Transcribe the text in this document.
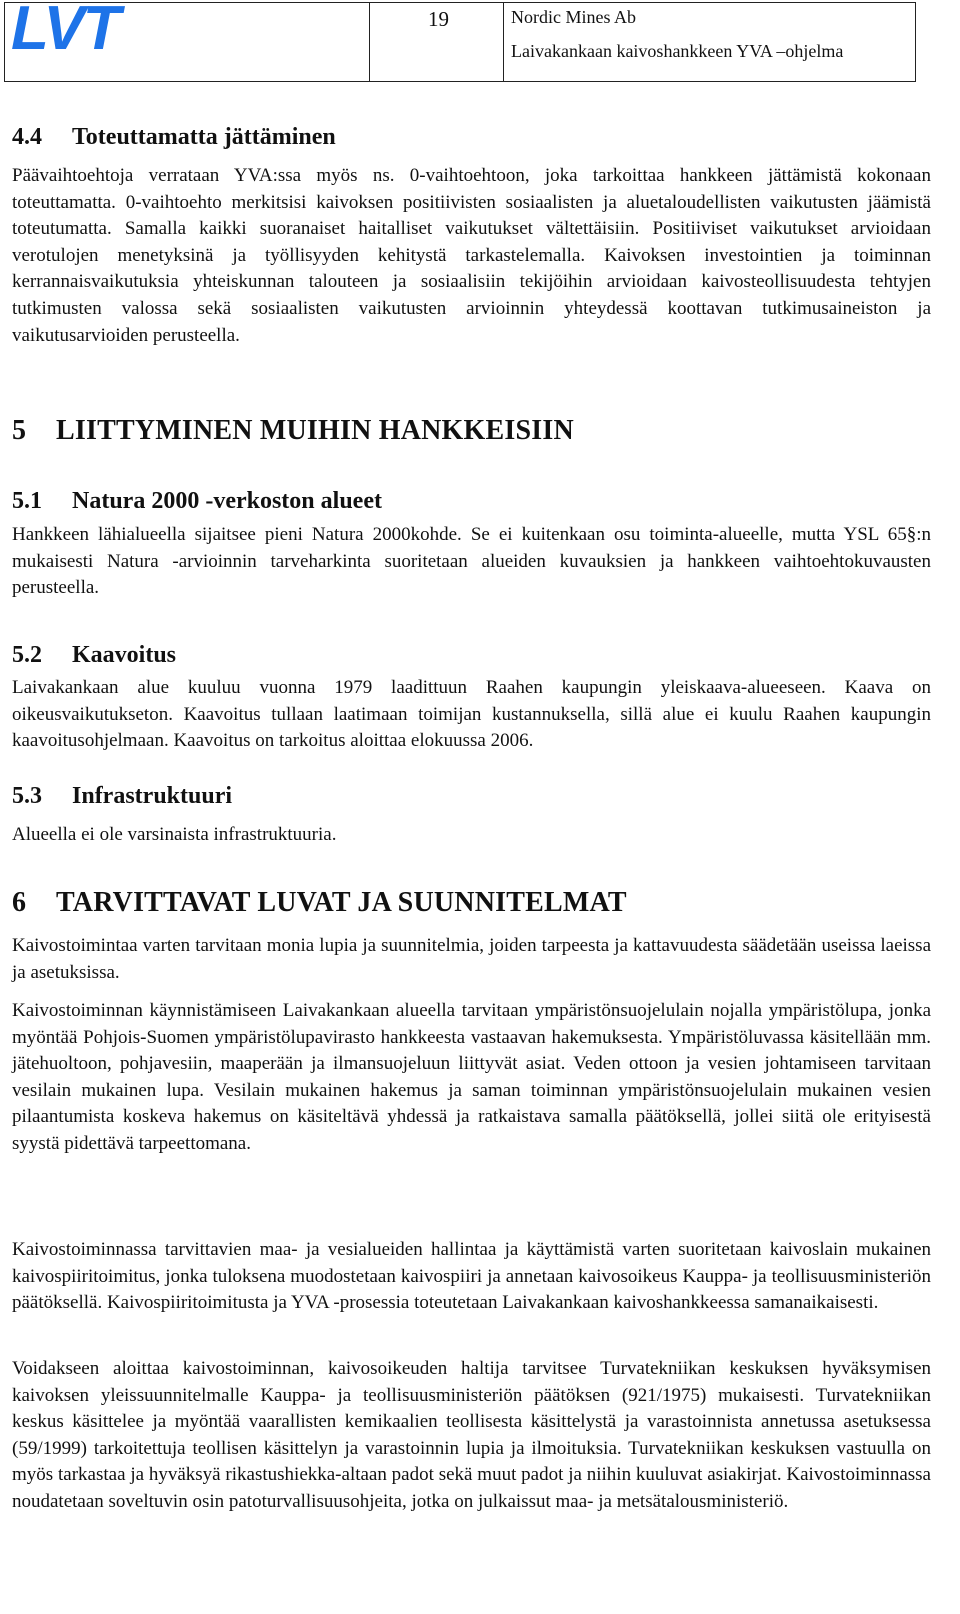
LVT	19	Nordic Mines Ab
Laivakankaan kaivoshankkeen YVA –ohjelma
4.4	Toteuttamatta jättäminen

Päävaihtoehtoja verrataan YVA:ssa myös ns. 0-vaihtoehtoon, joka tarkoittaa hankkeen jättämistä kokonaan toteuttamatta. 0-vaihtoehto merkitsisi kaivoksen positiivisten sosiaalisten ja aluetaloudellisten vaikutusten jäämistä toteutumatta. Samalla kaikki suoranaiset haitalliset vaikutukset vältettäisiin. Positiiviset vaikutukset arvioidaan verotulojen menetyksinä ja työllisyyden kehitystä tarkastelemalla. Kaivoksen investointien ja toiminnan kerrannaisvaikutuksia yhteiskunnan talouteen ja sosiaalisiin tekijöihin arvioidaan kaivosteollisuudesta tehtyjen tutkimusten valossa sekä sosiaalisten vaikutusten arvioinnin yhteydessä koottavan tutkimusaineiston ja vaikutusarvioiden perusteella.

5	LIITTYMINEN MUIHIN HANKKEISIIN
5.1	Natura 2000 -verkoston alueet

Hankkeen lähialueella sijaitsee pieni Natura 2000kohde. Se ei kuitenkaan osu toiminta-alueelle, mutta YSL 65§:n mukaisesti Natura -arvioinnin tarveharkinta suoritetaan alueiden kuvauksien ja hankkeen vaihtoehtokuvausten perusteella.

5.2	Kaavoitus

Laivakankaan alue kuuluu vuonna 1979 laadittuun Raahen kaupungin yleiskaava-alueeseen. Kaava on oikeusvaikutukseton. Kaavoitus tullaan laatimaan toimijan kustannuksella, sillä alue ei kuulu Raahen kaupungin kaavoitusohjelmaan. Kaavoitus on tarkoitus aloittaa elokuussa 2006.

5.3	Infrastruktuuri

Alueella ei ole varsinaista infrastruktuuria.

6	TARVITTAVAT LUVAT JA SUUNNITELMAT

Kaivostoimintaa varten tarvitaan monia lupia ja suunnitelmia, joiden tarpeesta ja kattavuudesta säädetään useissa laeissa ja asetuksissa.

Kaivostoiminnan käynnistämiseen Laivakankaan alueella tarvitaan ympäristönsuojelulain nojalla ympäristölupa, jonka myöntää Pohjois-Suomen ympäristölupavirasto hankkeesta vastaavan hakemuksesta. Ympäristöluvassa käsitellään mm. jätehuoltoon, pohjavesiin, maaperään ja ilmansuojeluun liittyvät asiat. Veden ottoon ja vesien johtamiseen tarvitaan vesilain mukainen lupa. Vesilain mukainen hakemus ja saman toiminnan ympäristönsuojelulain mukainen vesien pilaantumista koskeva hakemus on käsiteltävä yhdessä ja ratkaistava samalla päätöksellä, jollei siitä ole erityisestä syystä pidettävä tarpeettomana.

Kaivostoiminnassa tarvittavien maa- ja vesialueiden hallintaa ja käyttämistä varten suoritetaan kaivoslain mukainen kaivospiiritoimitus, jonka tuloksena muodostetaan kaivospiiri ja annetaan kaivosoikeus Kauppa- ja teollisuusministeriön päätöksellä. Kaivospiiritoimitusta ja YVA -prosessia toteutetaan Laivakankaan kaivoshankkeessa samanaikaisesti.

Voidakseen aloittaa kaivostoiminnan, kaivosoikeuden haltija tarvitsee Turvatekniikan keskuksen hyväksymisen kaivoksen yleissuunnitelmalle Kauppa- ja teollisuusministeriön päätöksen (921/1975) mukaisesti. Turvatekniikan keskus käsittelee ja myöntää vaarallisten kemikaalien teollisesta käsittelystä ja varastoinnista annetussa asetuksessa (59/1999) tarkoitettuja teollisen käsittelyn ja varastoinnin lupia ja ilmoituksia. Turvatekniikan keskuksen vastuulla on myös tarkastaa ja hyväksyä rikastushiekka-altaan padot sekä muut padot ja niihin kuuluvat asiakirjat. Kaivostoiminnassa noudatetaan soveltuvin osin patoturvallisuusohjeita, jotka on julkaissut maa- ja metsätalousministeriö.
